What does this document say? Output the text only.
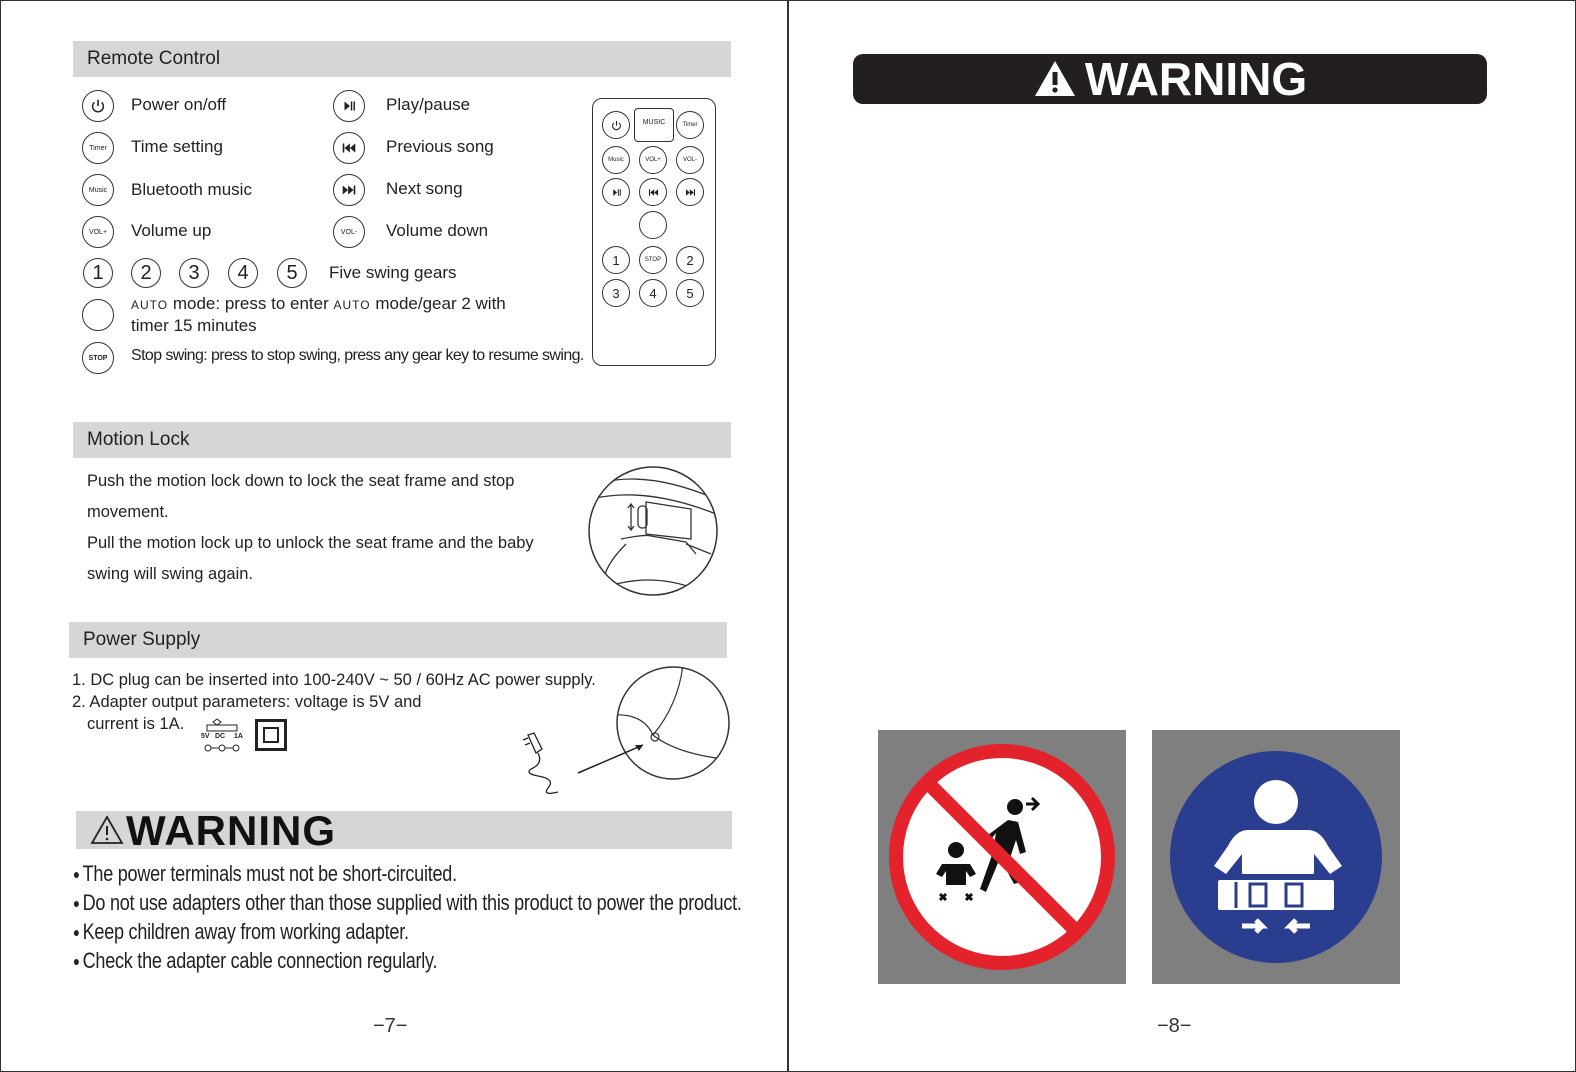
Remote Control
Power on/off
Timer	Time setting
Music	Bluetooth music
VOL+	Volume up
Play/pause
Previous song
Next song
VOL-	Volume down
1	2	3	4	5	Five swing gears
AUTO mode: press to enter AUTO mode/gear 2 with
timer 15 minutes
STOP	Stop swing: press to stop swing, press any gear key to resume swing.
MUSIC	Timer
Music	VOL+	VOL-
1	STOP	2
3	4	5
Motion Lock
Push the motion lock down to lock the seat frame and stop
movement.
Pull the motion lock up to unlock the seat frame and the baby
swing will swing again.
Power Supply
1. DC plug can be inserted into 100-240V ~ 50 / 60Hz AC power supply.
2. Adapter output parameters: voltage is 5V and
current is 1A.
5V DC 1A
WARNING
● The power terminals must not be short-circuited.
● Do not use adapters other than those supplied with this product to power the product.
● Keep children away from working adapter.
● Check the adapter cable connection regularly.
−7−
WARNING
−8−
